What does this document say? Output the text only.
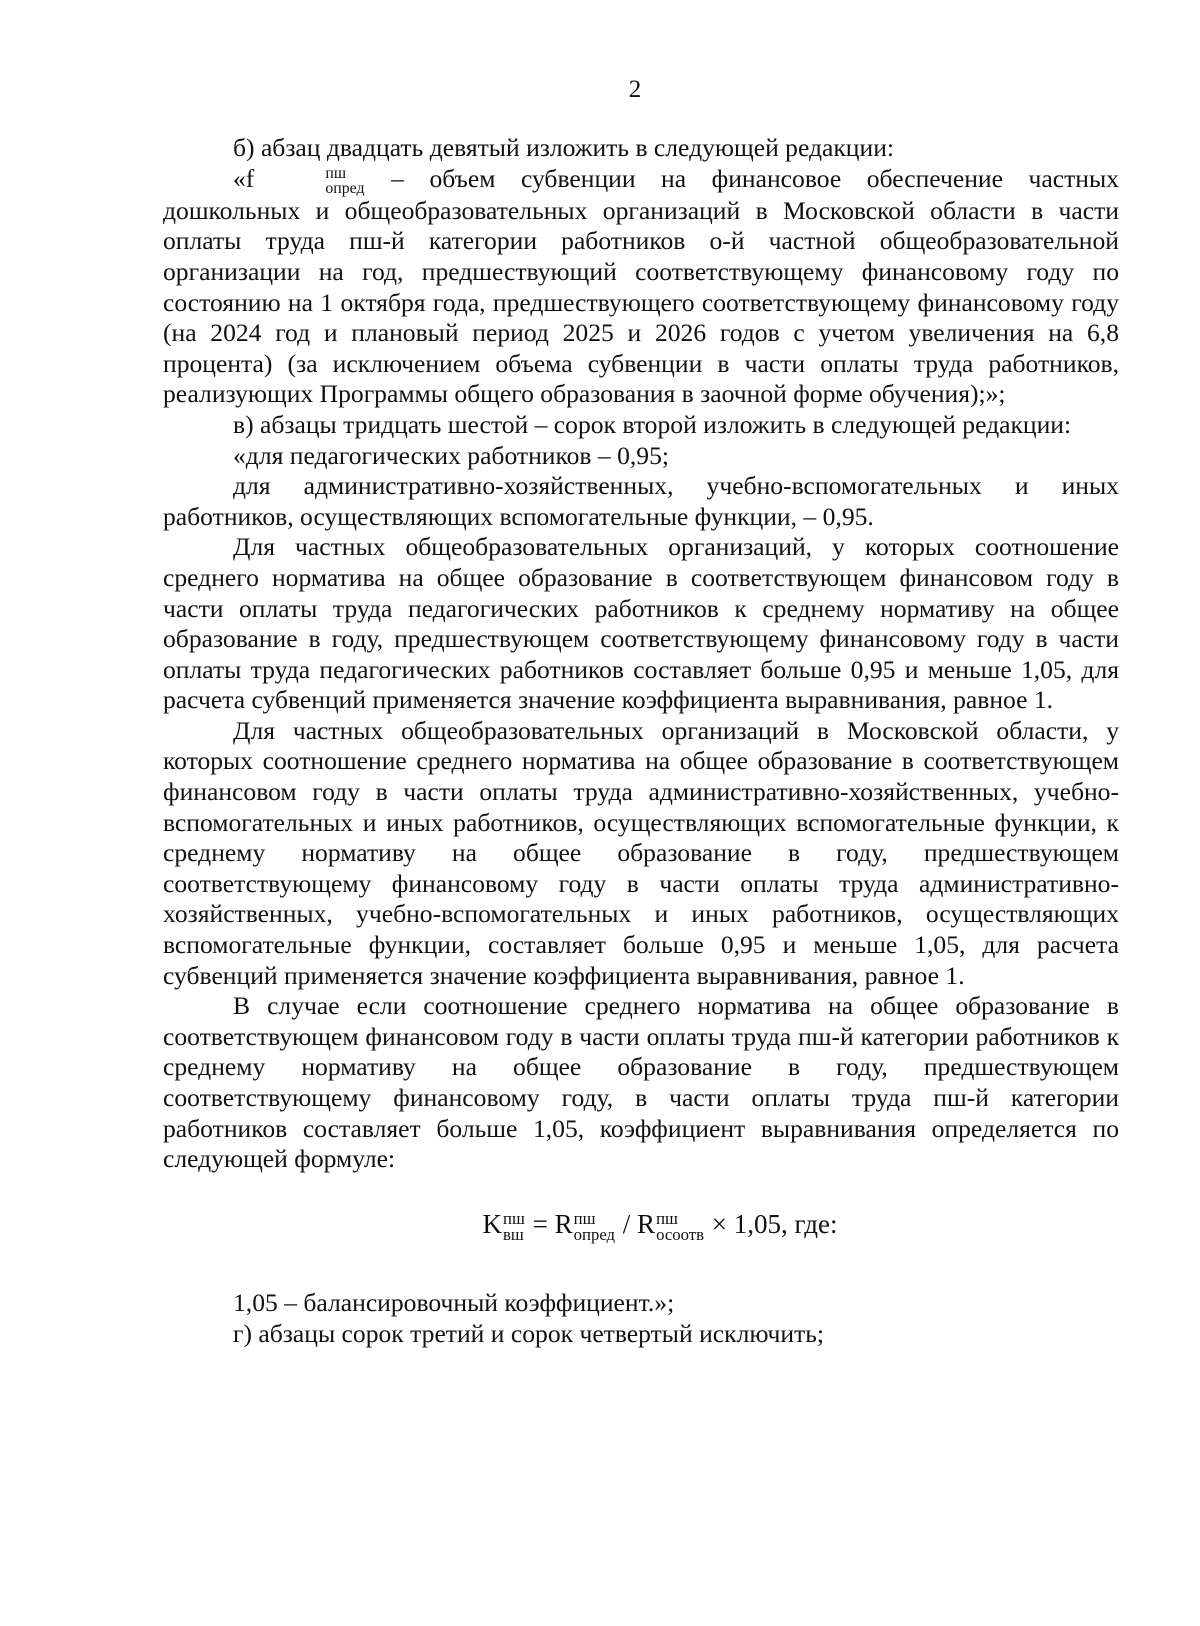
2

б) абзац двадцать девятый изложить в следующей редакции:

«f	пш
опред – объем субвенции на финансовое обеспечение частных дошкольных и общеобразовательных организаций в Московской области в части оплаты труда пш-й категории работников о-й частной общеобразовательной организации на год, предшествующий соответствующему финансовому году по состоянию на 1 октября года, предшествующего соответствующему финансовому году (на 2024 год и плановый период 2025 и 2026 годов с учетом увеличения на 6,8 процента) (за исключением объема субвенции в части оплаты труда работников, реализующих Программы общего образования в заочной форме обучения);»;

в) абзацы тридцать шестой – сорок второй изложить в следующей редакции:

«для педагогических работников – 0,95;

для административно-хозяйственных, учебно-вспомогательных и иных работников, осуществляющих вспомогательные функции, – 0,95.

Для частных общеобразовательных организаций, у которых соотношение среднего норматива на общее образование в соответствующем финансовом году в части оплаты труда педагогических работников к среднему нормативу на общее образование в году, предшествующем соответствующему финансовому году в части оплаты труда педагогических работников составляет больше 0,95 и меньше 1,05, для расчета субвенций применяется значение коэффициента выравнивания, равное 1.

Для частных общеобразовательных организаций в Московской области, у которых соотношение среднего норматива на общее образование в соответствующем финансовом году в части оплаты труда административно-хозяйственных, учебно-вспомогательных и иных работников, осуществляющих вспомогательные функции, к среднему нормативу на общее образование в году, предшествующем соответствующему финансовому году в части оплаты труда административно-хозяйственных, учебно-вспомогательных и иных работников, осуществляющих вспомогательные функции, составляет больше 0,95 и меньше 1,05, для расчета субвенций применяется значение коэффициента выравнивания, равное 1.

В случае если соотношение среднего норматива на общее образование в соответствующем финансовом году в части оплаты труда пш-й категории работников к среднему нормативу на общее образование в году, предшествующем соответствующему финансовому году, в части оплаты труда пш-й категории работников составляет больше 1,05, коэффициент выравнивания определяется по следующей формуле:

K пш
вш = R пш
опред / R пш
осоотв × 1,05, где:

1,05 – балансировочный коэффициент.»;

г) абзацы сорок третий и сорок четвертый исключить;
